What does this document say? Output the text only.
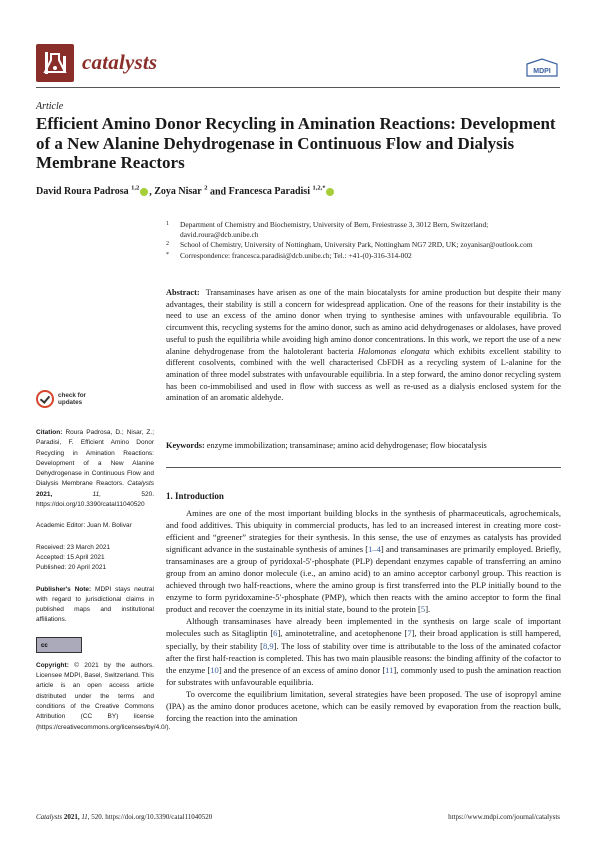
catalysts	MDPI
Article
Efficient Amino Donor Recycling in Amination Reactions: Development of a New Alanine Dehydrogenase in Continuous Flow and Dialysis Membrane Reactors
David Roura Padrosa $^{1,2}$ , Zoya Nisar $^2$ and Francesca Paradisi $^{1,2,*}$
1 Department of Chemistry and Biochemistry, University of Bern, Freiestrasse 3, 3012 Bern, Switzerland; david.roura@dcb.unibe.ch
2 School of Chemistry, University of Nottingham, University Park, Nottingham NG7 2RD, UK; zoyanisar@outlook.com
* Correspondence: francesca.paradisi@dcb.unibe.ch; Tel.: +41-(0)-316-314-002
Abstract: Transaminases have arisen as one of the main biocatalysts for amine production but despite their many advantages, their stability is still a concern for widespread application. One of the reasons for their instability is the need to use an excess of the amino donor when trying to synthesise amines with unfavourable equilibria. To circumvent this, recycling systems for the amino donor, such as amino acid dehydrogenases or aldolases, have proved useful to push the equilibria while avoiding high amino donor concentrations. In this work, we report the use of a new alanine dehydrogenase from the halotolerant bacteria Halomonas elongata which exhibits excellent stability to different cosolvents, combined with the well characterised CbFDH as a recycling system of L-alanine for the amination of three model substrates with unfavourable equilibria. In a step forward, the amino donor recycling system has been co-immobilised and used in flow with success as well as re-used as a dialysis enclosed system for the amination of an aromatic aldehyde.
Keywords: enzyme immobilization; transaminase; amino acid dehydrogenase; flow biocatalysis
check for
updates
Citation: Roura Padrosa, D.; Nisar, Z.; Paradisi, F. Efficient Amino Donor Recycling in Amination Reactions: Development of a New Alanine Dehydrogenase in Continuous Flow and Dialysis Membrane Reactors. Catalysts 2021,	11,	520. https://doi.org/10.3390/catal11040520
Academic Editor: Juan M. Bolivar
Received: 23 March 2021
Accepted: 15 April 2021
Published: 20 April 2021
Publisher's Note: MDPI stays neutral with regard to jurisdictional claims in published maps and institutional affiliations.
cc
Copyright: © 2021 by the authors. Licensee MDPI, Basel, Switzerland. This article is an open access article distributed under the terms and conditions of the Creative Commons Attribution (CC BY) license (https://creativecommons.org/licenses/by/4.0/).
1. Introduction

Amines are one of the most important building blocks in the synthesis of pharmaceuticals, agrochemicals, and food additives. This ubiquity in commercial products, has led to an increased interest in creating more cost-efficient and “greener” strategies for their synthesis. In this sense, the use of enzymes as catalysts has provided significant advance in the sustainable synthesis of amines [1–4] and transaminases are primarily employed. Briefly, transaminases are a group of pyridoxal-5′-phosphate (PLP) dependant enzymes capable of transferring an amino group from an amino donor molecule (i.e., an amino acid) to an amino acceptor carbonyl group. This reaction is achieved through two half-reactions, where the amino group is first transferred into the PLP initially bound to the enzyme to form pyridoxamine-5′-phosphate (PMP), which then reacts with the amino acceptor to form the final product and recover the coenzyme in its initial state, bound to the protein [5].

Although transaminases have already been implemented in the synthesis on large scale of important molecules such as Sitagliptin [6], aminotetraline, and acetophenone [7], their broad application is still hampered, specially, by their stability [8,9]. The loss of stability over time is attributable to the loss of the aminated cofactor after the first half-reaction is completed. This has two main plausible reasons: the binding affinity of the cofactor to the enzyme [10] and the presence of an excess of amino donor [11], commonly used to push the amination reaction for substrates with unfavourable equilibria.

To overcome the equilibrium limitation, several strategies have been proposed. The use of isopropyl amine (IPA) as the amino donor produces acetone, which can be easily removed by evaporation from the reaction bulk, forcing the reaction into the amination

Catalysts 2021, 11, 520. https://doi.org/10.3390/catal11040520	https://www.mdpi.com/journal/catalysts
